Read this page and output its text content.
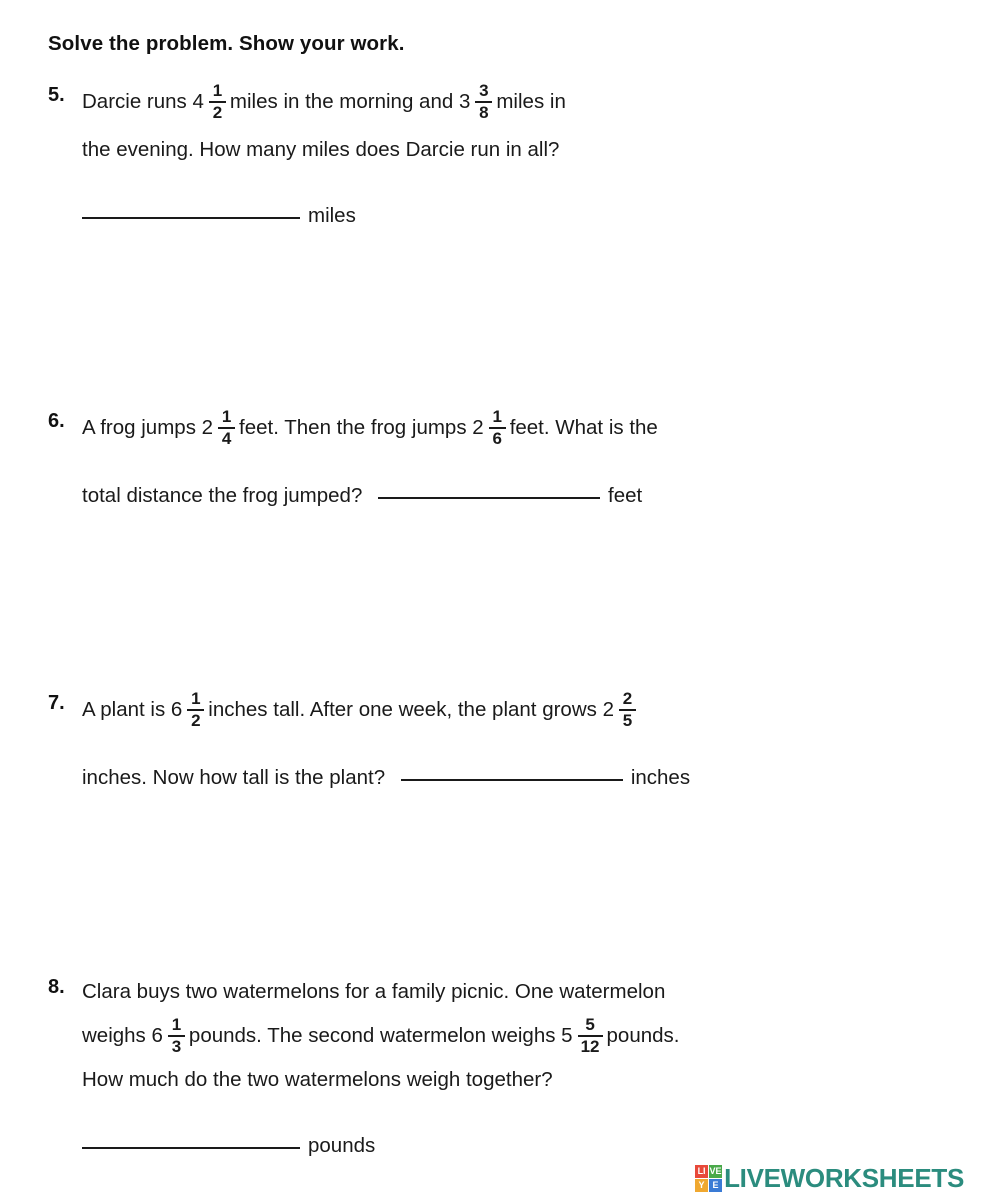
Solve the problem. Show your work.
5. Darcie runs $4 \frac{1}{2}$ miles in the morning and $3 \frac{3}{8}$ miles in
the evening. How many miles does Darcie run in all?
miles
6. A frog jumps $2 \frac{1}{4}$ feet. Then the frog jumps $2 \frac{1}{6}$ feet. What is the
total distance the frog jumped?	feet
7. A plant is $6 \frac{1}{2}$ inches tall. After one week, the plant grows $2 \frac{2}{5}$
inches. Now how tall is the plant?	inches
8. Clara buys two watermelons for a family picnic. One watermelon
weighs $6 \frac{1}{3}$ pounds. The second watermelon weighs $5 \frac{5}{12}$ pounds.
How much do the two watermelons weigh together?
pounds
LI VE
Y E LIVEWORKSHEETS
